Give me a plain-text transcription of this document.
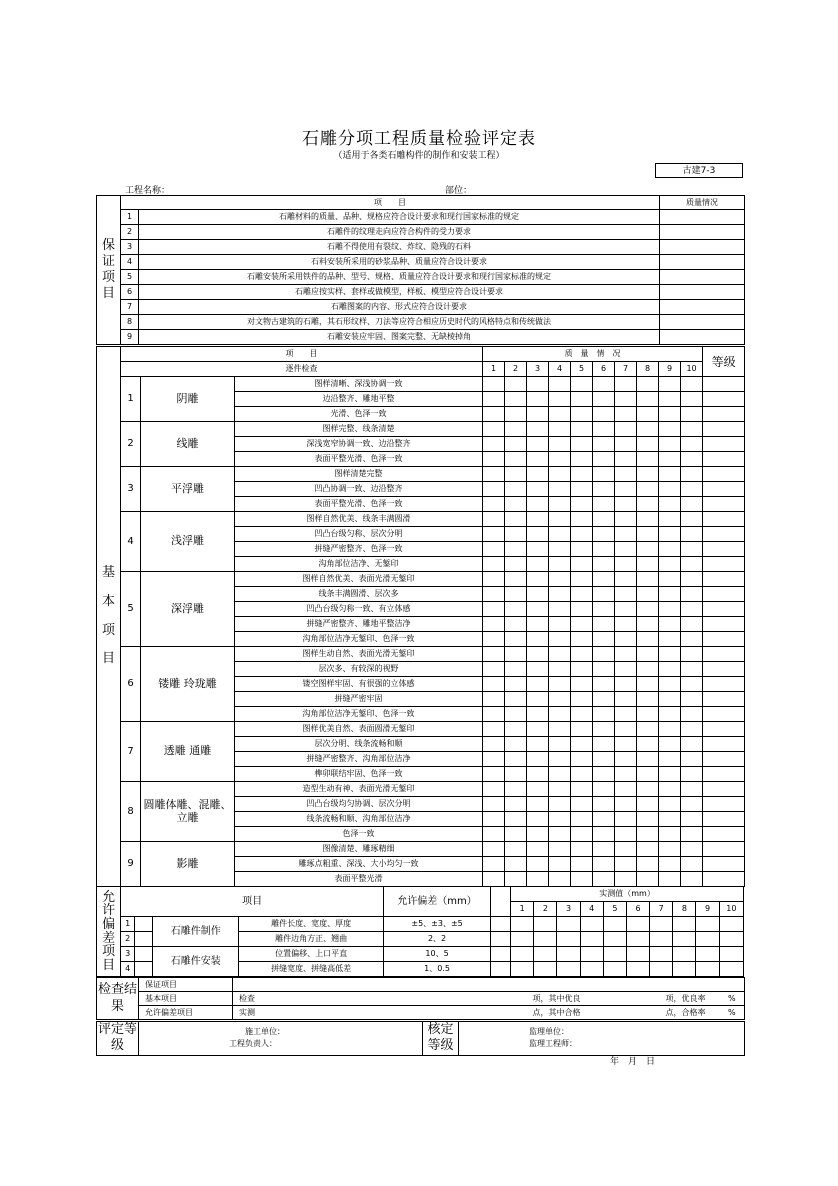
石雕分项工程质量检验评定表
（适用于各类石雕构件的制作和安装工程）
古建7-3
工程名称：	部位：
保证项目	项　　目		质量情况
	1	石雕材料的质量、品种、规格应符合设计要求和现行国家标准的规定	
	2	石雕件的纹理走向应符合构件的受力要求	
	3	石雕不得使用有裂纹、炸纹、隐残的石料	
	4	石料安装所采用的砂浆品种、质量应符合设计要求	
	5	石雕安装所采用铁件的品种、型号、规格、质量应符合设计要求和现行国家标准的规定	
	6	石雕应按实样、套样或做模型，样板、模型应符合设计要求	
	7	石雕图案的内容、形式应符合设计要求	
	8	对文物古建筑的石雕，其石形纹样、刀法等应符合相应历史时代的风格特点和传统做法	
	9	石雕安装应牢固、图案完整、无缺棱掉角	
基本项目	项　　目			质　量　情　况										等级
	逐件检查			1	2	3	4	5	6	7	8	9	10	
	1	阴雕	图样清晰、深浅协调一致											
			边沿整齐、雕地平整											
			光滑、色泽一致											
	2	线雕	图样完整、线条清楚											
			深浅宽窄协调一致、边沿整齐											
			表面平整光滑、色泽一致											
	3	平浮雕	图样清楚完整											
			凹凸协调一致、边沿整齐											
			表面平整光滑、色泽一致											
	4	浅浮雕	图样自然优美、线条丰满圆滑											
			凹凸台级匀称、层次分明											
			拼缝严密整齐、色泽一致											
			沟角部位洁净、无錾印											
	5	深浮雕	图样自然优美、表面光滑无錾印											
			线条丰满圆滑、层次多											
			凹凸台级匀称一致、有立体感											
			拼缝严密整齐、雕地平整洁净											
			沟角部位洁净无錾印、色泽一致											
	6	镂雕 玲珑雕	图样生动自然、表面光滑无錾印											
			层次多、有较深的视野											
			镂空图样牢固、有很强的立体感											
			拼缝严密牢固											
			沟角部位洁净无錾印、色泽一致											
	7	透雕 通雕	图样优美自然、表面圆滑无錾印											
			层次分明、线条流畅和顺											
			拼缝严密整齐、沟角部位洁净											
			榫卯联结牢固、色泽一致											
	8	圆雕体雕、混雕、立雕	造型生动有神、表面光滑无錾印											
			凹凸台级均匀协调、层次分明											
			线条流畅和顺、沟角部位洁净											
			色泽一致											
	9	影雕	图像清楚、雕琢精细											
			雕琢点粗重、深浅、大小均匀一致											
			表面平整光滑											
允许偏差项目	项目				允许偏差（mm）		实测值（mm）									
							1	2	3	4	5	6	7	8	9	10
	1		石雕件制作	雕件长度、宽度、厚度	±5、±3、±5											
	2			雕件边角方正、翘曲	2、2											
	3		石雕件安装	位置偏移、上口平直	10、5											
	4			拼缝宽度、拼缝高低差	1、0.5											
检查结果	保证项目				
	基本项目	检查	项，其中优良	项，优良率	%
	允许偏差项目	实测	点，其中合格	点，合格率	%
评定等级	
施工单位：
工程负责人：
	核定等级	
监理单位：
监理工程师：
年　月　日
